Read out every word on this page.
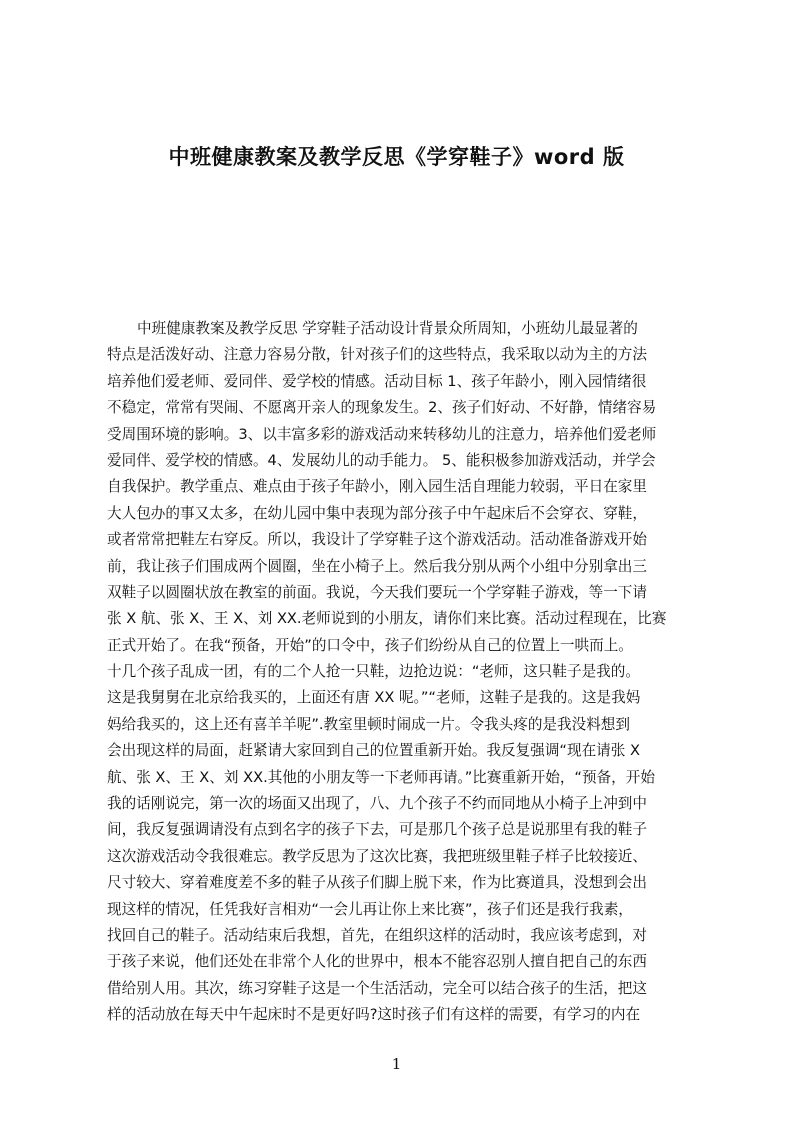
中班健康教案及教学反思《学穿鞋子》word 版
中班健康教案及教学反思 学穿鞋子活动设计背景众所周知，小班幼儿最显著的
特点是活泼好动、注意力容易分散，针对孩子们的这些特点，我采取以动为主的方法
培养他们爱老师、爱同伴、爱学校的情感。活动目标 1、孩子年龄小，刚入园情绪很
不稳定，常常有哭闹、不愿离开亲人的现象发生。2、孩子们好动、不好静，情绪容易
受周围环境的影响。3、以丰富多彩的游戏活动来转移幼儿的注意力，培养他们爱老师
爱同伴、爱学校的情感。4、发展幼儿的动手能力。 5、能积极参加游戏活动，并学会
自我保护。教学重点、难点由于孩子年龄小，刚入园生活自理能力较弱，平日在家里
大人包办的事又太多，在幼儿园中集中表现为部分孩子中午起床后不会穿衣、穿鞋，
或者常常把鞋左右穿反。所以，我设计了学穿鞋子这个游戏活动。活动准备游戏开始
前，我让孩子们围成两个圆圈，坐在小椅子上。然后我分别从两个小组中分别拿出三
双鞋子以圆圈状放在教室的前面。我说，今天我们要玩一个学穿鞋子游戏，等一下请
张 X 航、张 X、王 X、刘 XX.老师说到的小朋友，请你们来比赛。活动过程现在，比赛
正式开始了。在我“预备，开始”的口令中，孩子们纷纷从自己的位置上一哄而上。
十几个孩子乱成一团，有的二个人抢一只鞋，边抢边说：“老师，这只鞋子是我的。
这是我舅舅在北京给我买的，上面还有唐 XX 呢。”“老师，这鞋子是我的。这是我妈
妈给我买的，这上还有喜羊羊呢”.教室里顿时闹成一片。令我头疼的是我没料想到
会出现这样的局面，赶紧请大家回到自己的位置重新开始。我反复强调“现在请张 X
航、张 X、王 X、刘 XX.其他的小朋友等一下老师再请。”比赛重新开始，“预备，开始
我的话刚说完，第一次的场面又出现了，八、九个孩子不约而同地从小椅子上冲到中
间，我反复强调请没有点到名字的孩子下去，可是那几个孩子总是说那里有我的鞋子
这次游戏活动令我很难忘。教学反思为了这次比赛，我把班级里鞋子样子比较接近、
尺寸较大、穿着难度差不多的鞋子从孩子们脚上脱下来，作为比赛道具，没想到会出
现这样的情况，任凭我好言相劝“一会儿再让你上来比赛”，孩子们还是我行我素，
找回自己的鞋子。活动结束后我想，首先，在组织这样的活动时，我应该考虑到，对
于孩子来说，他们还处在非常个人化的世界中，根本不能容忍别人擅自把自己的东西
借给别人用。其次，练习穿鞋子这是一个生活活动，完全可以结合孩子的生活，把这
样的活动放在每天中午起床时不是更好吗?这时孩子们有这样的需要，有学习的内在
1
